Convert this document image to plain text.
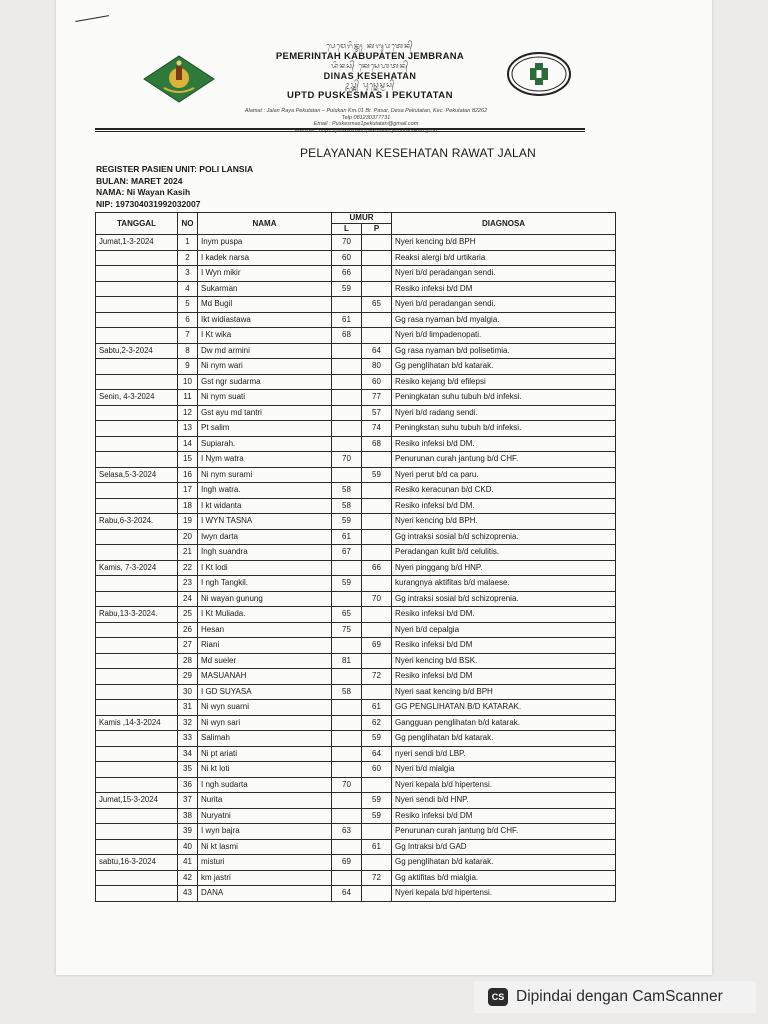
ᬧᬾᬫᬾᬭᬶᬦ᭄ᬢᬄ ᬓᬩᬸᬧᬢᬾᬦ᭄
PEMERINTAH KABUPATEN JEMBRANA
ᬤᬶᬦᬲ᭄ ᬓᬾᬲᬾᬳᬢᬦ᭄
DINAS KESEHATAN
ᬉᬧ᭄ᬢ᭄ᬤ᭄ ᬧᬸᬲ᭄ᬓᬾᬲ᭄ᬫᬲ᭄
UPTD PUSKESMAS I PEKUTATAN
Alamat : Jalan Raya Pekutatan – Pulukan Km.01 Br. Pasar, Desa Pekutatan, Kec. Pekutatan 82262
Telp 081230377731
Email : Puskesmas1pekutatan@gmail.com
Website : https://puskesmas1pekutatan.jembranakab.go.id
PELAYANAN KESEHATAN RAWAT JALAN
REGISTER PASIEN UNIT: POLI LANSIA
BULAN: MARET 2024
NAMA: Ni Wayan Kasih
NIP: 197304031992032007
TANGGAL	NO	NAMA	UMUR		DIAGNOSA
			L	P	
Jumat,1-3-2024	1	Inym puspa	70		Nyeri kencing b/d BPH
	2	I kadek narsa	60		Reaksi alergi b/d urtikaria
	3	I Wyn mikir	66		Nyeri b/d peradangan sendi.
	4	Sukarman	59		Resiko infeksi b/d DM
	5	Md Bugil		65	Nyeri b/d peradangan sendi.
	6	Ikt widiastawa	61		Gg rasa nyaman b/d myalgia.
	7	I Kt wika	68		Nyeri b/d limpadenopati.
Sabtu,2-3-2024	8	Dw md armini		64	Gg rasa nyaman b/d polisetimia.
	9	Ni nym wari		80	Gg penglihatan b/d katarak.
	10	Gst ngr sudarma		60	Resiko kejang b/d efilepsi
Senin, 4-3-2024	11	Ni nym suati		77	Peningkatan suhu tubuh b/d infeksi.
	12	Gst ayu md tantri		57	Nyeri b/d radang sendi.
	13	Pt salim		74	Peningkstan suhu tubuh b/d infeksi.
	14	Supiarah.		68	Resiko infeksi b/d DM.
	15	I Nym watra	70		Penurunan curah jantung b/d CHF.
Selasa,5-3-2024	16	Ni nym surami		59	Nyeri perut b/d ca paru.
	17	Ingh watra.	58		Resiko keracunan b/d CKD.
	18	I kt widanta	58		Resiko infeksi b/d DM.
Rabu,6-3-2024.	19	I WYN TASNA	59		Nyeri kencing b/d BPH.
	20	Iwyn darta	61		Gg intraksi sosial b/d schizoprenia.
	21	Ingh suandra	67		Peradangan kulit b/d celulitis.
Kamis, 7-3-2024	22	I Kt lodi		66	Nyeri pinggang b/d HNP.
	23	I ngh Tangkil.	59		kurangnya aktifitas b/d malaese.
	24	Ni wayan gunung		70	Gg intraksi sosial b/d schizoprenia.
Rabu,13-3-2024.	25	I Kt Muliada.	65		Resiko infeksi b/d DM.
	26	Hesan	75		Nyeri b/d cepalgia
	27	Riani		69	Resiko infeksi b/d DM
	28	Md sueler	81		Nyeri kencing b/d BSK.
	29	MASUANAH		72	Resiko infeksi b/d DM
	30	I GD SUYASA	58		Nyeri saat kencing b/d BPH
	31	Ni wyn suarni		61	GG PENGLIHATAN B/D KATARAK.
Kamis ,14-3-2024	32	Ni wyn sari		62	Gangguan penglihatan b/d katarak.
	33	Salimah		59	Gg penglihatan b/d katarak.
	34	Ni pt ariati		64	nyeri sendi b/d LBP.
	35	Ni kt loti		60	Nyeri b/d mialgia
	36	I ngh sudarta	70		Nyeri kepala b/d hipertensi.
Jumat,15-3-2024	37	Nurita		59	Nyeri sendi b/d HNP.
	38	Nuryatni		59	Resiko infeksi b/d DM
	39	I wyn bajra	63		Penurunan curah jantung b/d CHF.
	40	Ni kt lasmi		61	Gg Intraksi b/d GAD
sabtu,16-3-2024	41	misturi	69		Gg penglihatan b/d katarak.
	42	km jastri		72	Gg aktifitas b/d mialgia.
	43	DANA	64		Nyeri kepala b/d hipertensi.
CS Dipindai dengan CamScanner
